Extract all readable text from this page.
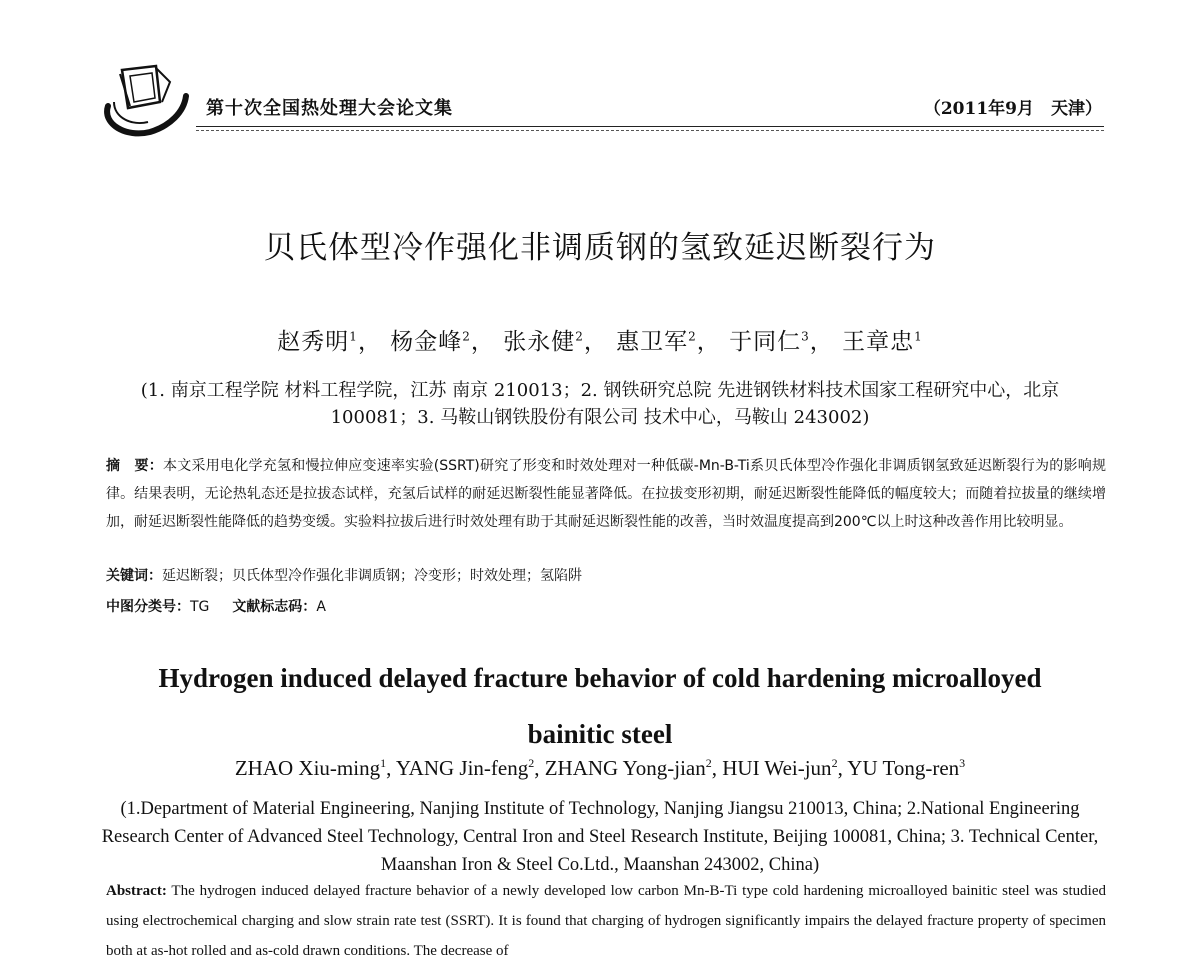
第十次全国热处理大会论文集	（2011年9月　天津）
贝氏体型冷作强化非调质钢的氢致延迟断裂行为
赵秀明$^1$， 杨金峰$^2$， 张永健$^2$， 惠卫军$^2$， 于同仁$^3$， 王章忠$^1$
(1. 南京工程学院 材料工程学院，江苏 南京 210013；2. 钢铁研究总院 先进钢铁材料技术国家工程研究中心，北京 100081；3. 马鞍山钢铁股份有限公司 技术中心，马鞍山 243002)
摘　要：本文采用电化学充氢和慢拉伸应变速率实验(SSRT)研究了形变和时效处理对一种低碳-Mn-B-Ti系贝氏体型冷作强化非调质钢氢致延迟断裂行为的影响规律。结果表明，无论热轧态还是拉拔态试样，充氢后试样的耐延迟断裂性能显著降低。在拉拔变形初期，耐延迟断裂性能降低的幅度较大；而随着拉拔量的继续增加，耐延迟断裂性能降低的趋势变缓。实验料拉拔后进行时效处理有助于其耐延迟断裂性能的改善，当时效温度提高到200℃以上时这种改善作用比较明显。
关键词：延迟断裂；贝氏体型冷作强化非调质钢；冷变形；时效处理；氢陷阱
中图分类号：TG 文献标志码：A
Hydrogen induced delayed fracture behavior of cold hardening microalloyed bainitic steel
ZHAO Xiu-ming$^1$, YANG Jin-feng$^2$, ZHANG Yong-jian$^2$, HUI Wei-jun$^2$, YU Tong-ren$^3$
(1.Department of Material Engineering, Nanjing Institute of Technology, Nanjing Jiangsu 210013, China; 2.National Engineering Research Center of Advanced Steel Technology, Central Iron and Steel Research Institute, Beijing 100081, China; 3. Technical Center, Maanshan Iron & Steel Co.Ltd., Maanshan 243002, China)
Abstract: The hydrogen induced delayed fracture behavior of a newly developed low carbon Mn-B-Ti type cold hardening microalloyed bainitic steel was studied using electrochemical charging and slow strain rate test (SSRT). It is found that charging of hydrogen significantly impairs the delayed fracture property of specimen both at as-hot rolled and as-cold drawn conditions. The decrease of
